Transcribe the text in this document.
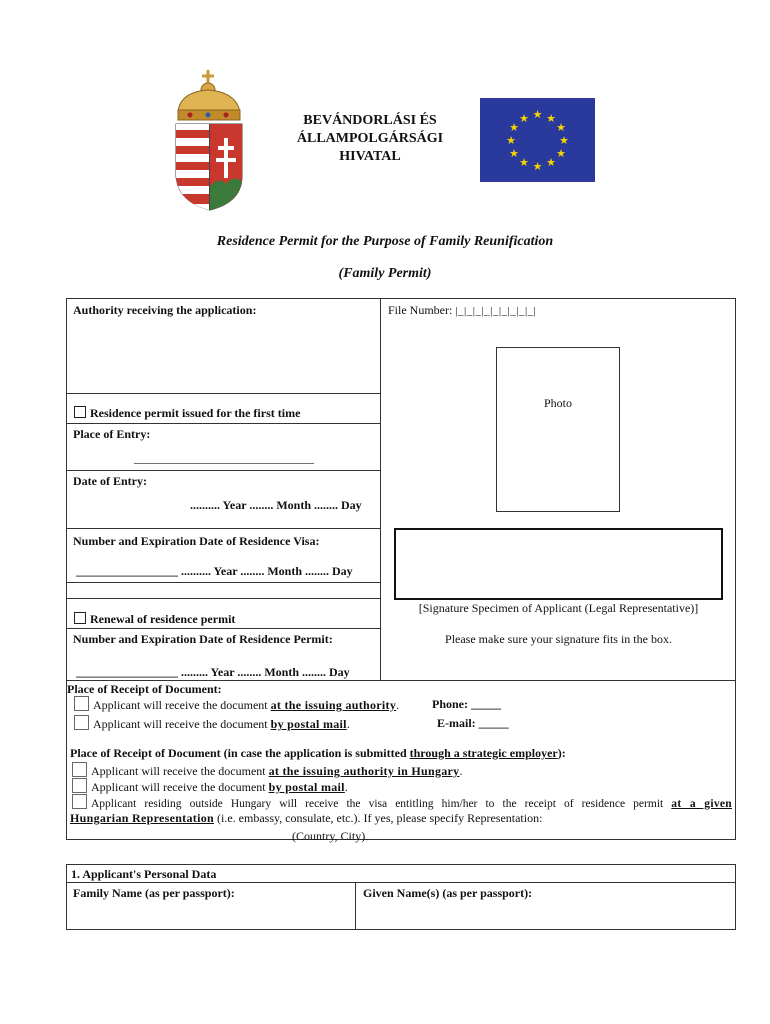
BEVÁNDORLÁSI ÉS
ÁLLAMPOLGÁRSÁGI
HIVATAL
★ ★
★
★
★
★
★
★
★
★
★
★
Residence Permit for the Purpose of Family Reunification
(Family Permit)
Authority receiving the application:	File Number: |_|_|_|_|_|_|_|_|_|
Photo
Residence permit issued for the first time
Place of Entry:
______________________________
Date of Entry:
.......... Year ........ Month ........ Day
Number and Expiration Date of Residence Visa:
_________________ .......... Year ........ Month ........ Day
[Signature Specimen of Applicant (Legal Representative)]
Please make sure your signature fits in the box.
Renewal of residence permit
Number and Expiration Date of Residence Permit:
_________________ ......... Year ........ Month ........ Day
Place of Receipt of Document:
Applicant will receive the document at the issuing authority.
Applicant will receive the document by postal mail.
Phone: _____
E-mail: _____
Place of Receipt of Document (in case the application is submitted through a strategic employer):
Applicant will receive the document at the issuing authority in Hungary.
Applicant will receive the document by postal mail.
Applicant residing outside Hungary will receive the visa entitling him/her to the receipt of residence permit at a given
Hungarian Representation (i.e. embassy, consulate, etc.). If yes, please specify Representation:
(Country, City)
1. Applicant's Personal Data
Family Name (as per passport):	Given Name(s) (as per passport):
